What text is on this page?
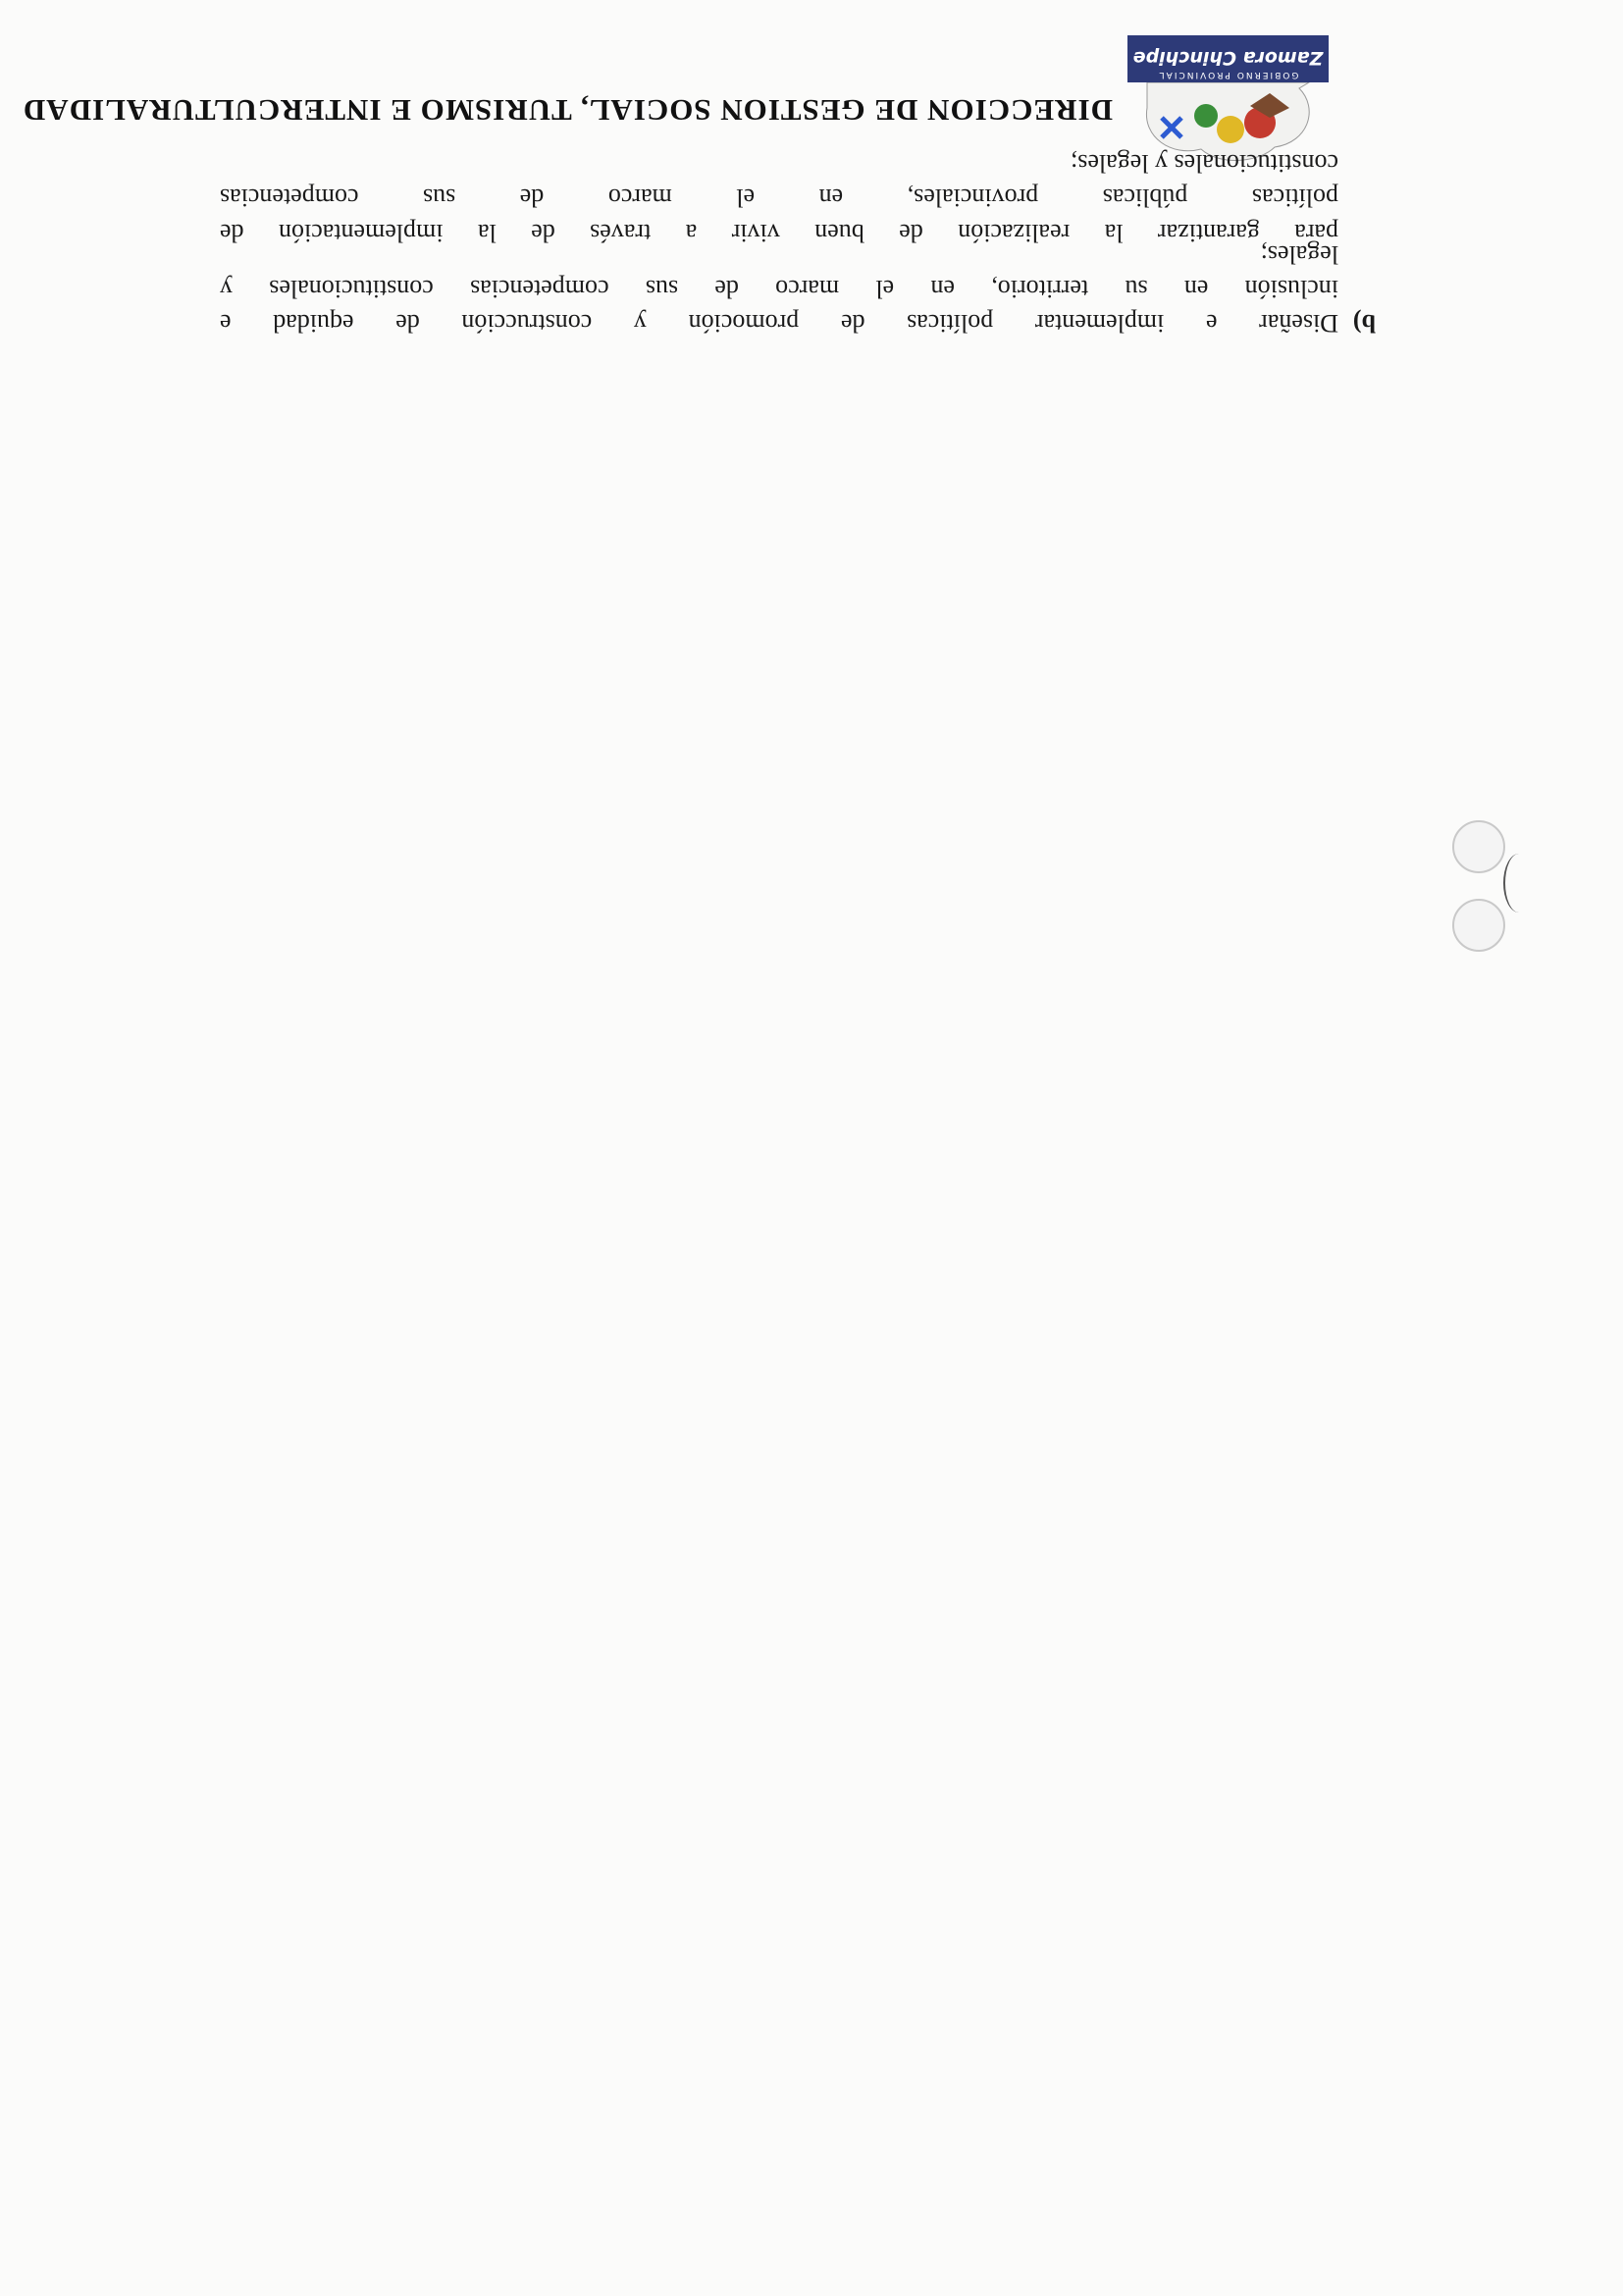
GOBIERNO PROVINCIAL
Zamora Chinchipe
DIRECCION DE GESTION SOCIAL, TURISMO E INTERCULTURALIDAD
para garantizar la realización de buen vivir a través de la implementación de
políticas públicas provinciales, en el marco de sus competencias
constitucionales y legales;
b)
Diseñar e implementar políticas de promoción y construcción de equidad e
inclusión en su territorio, en el marco de sus competencias constitucionales y
legales;
